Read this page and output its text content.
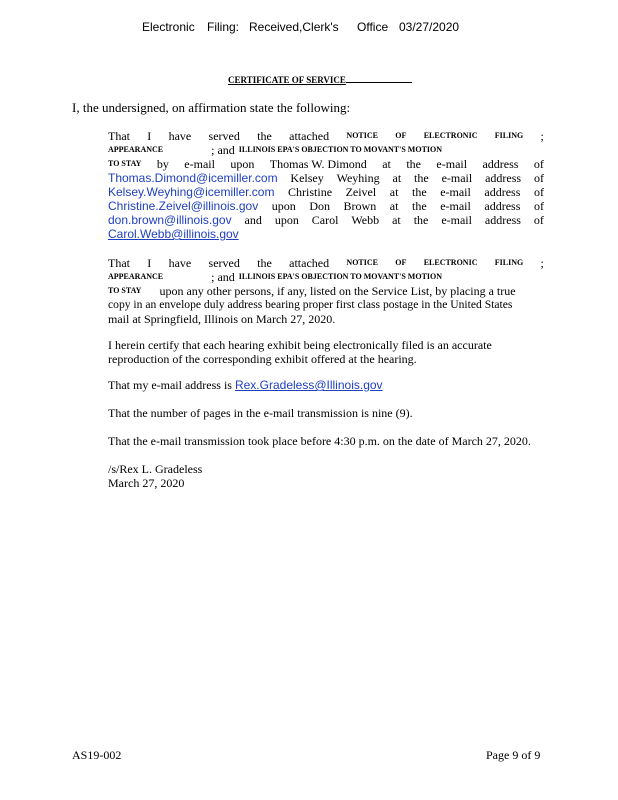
Electronic Filing: Received,Clerk's Office 03/27/2020
CERTIFICATE OF SERVICE
I, the undersigned, on affirmation state the following:
That I have served the attached NOTICE OF ELECTRONIC FILING ;
APPEARANCE	; and ILLINOIS EPA'S OBJECTION TO MOVANT'S MOTION
TO STAY by e-mail upon Thomas W. Dimond at the e-mail address of
Thomas.Dimond@icemiller.com Kelsey Weyhing at the e-mail address of
Kelsey.Weyhing@icemiller.com Christine Zeivel at the e-mail address of
Christine.Zeivel@illinois.gov upon Don Brown at the e-mail address of
don.brown@illinois.gov and upon Carol Webb at the e-mail address of
Carol.Webb@illinois.gov
That I have served the attached NOTICE OF ELECTRONIC FILING ;
APPEARANCE	; and ILLINOIS EPA'S OBJECTION TO MOVANT'S MOTION
TO STAY upon any other persons, if any, listed on the Service List, by placing a true
copy in an envelope duly address bearing proper first class postage in the United States
mail at Springfield, Illinois on March 27, 2020.
I herein certify that each hearing exhibit being electronically filed is an accurate
reproduction of the corresponding exhibit offered at the hearing.
That my e-mail address is Rex.Gradeless@Illinois.gov
That the number of pages in the e-mail transmission is nine (9).
That the e-mail transmission took place before 4:30 p.m. on the date of March 27, 2020.
/s/Rex L. Gradeless
March 27, 2020
AS19-002	Page 9 of 9
